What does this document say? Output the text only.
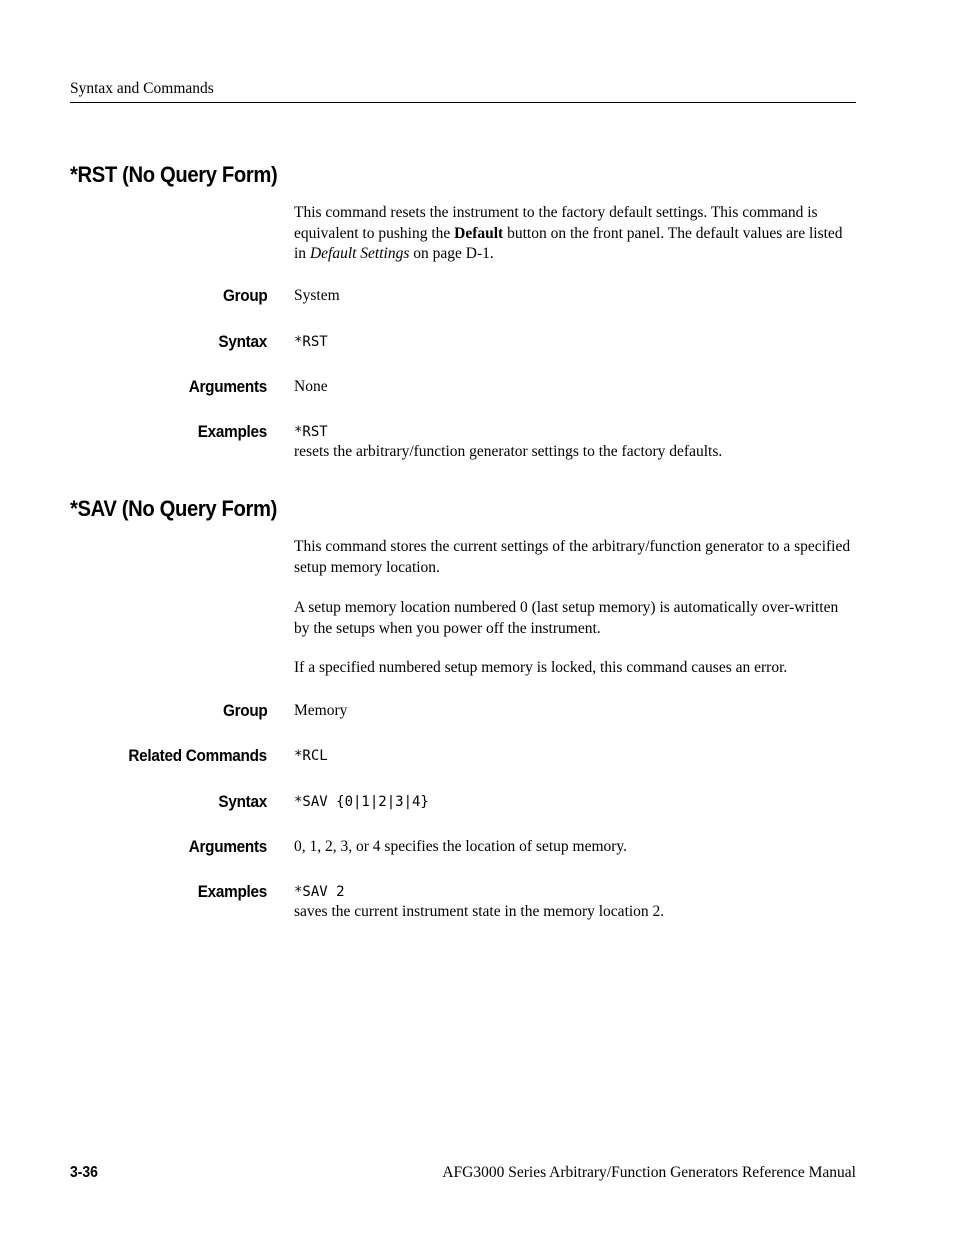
Syntax and Commands
*RST (No Query Form)
This command resets the instrument to the factory default settings. This command is equivalent to pushing the Default button on the front panel. The default values are listed in Default Settings on page D-1.
Group System
Syntax *RST
Arguments None
Examples *RST
resets the arbitrary/function generator settings to the factory defaults.
*SAV (No Query Form)
This command stores the current settings of the arbitrary/function generator to a specified setup memory location.
A setup memory location numbered 0 (last setup memory) is automatically over-written by the setups when you power off the instrument.
If a specified numbered setup memory is locked, this command causes an error.
Group Memory
Related Commands *RCL
Syntax *SAV {0|1|2|3|4}
Arguments 0, 1, 2, 3, or 4 specifies the location of setup memory.
Examples *SAV 2
saves the current instrument state in the memory location 2.
3-36	AFG3000 Series Arbitrary/Function Generators Reference Manual
